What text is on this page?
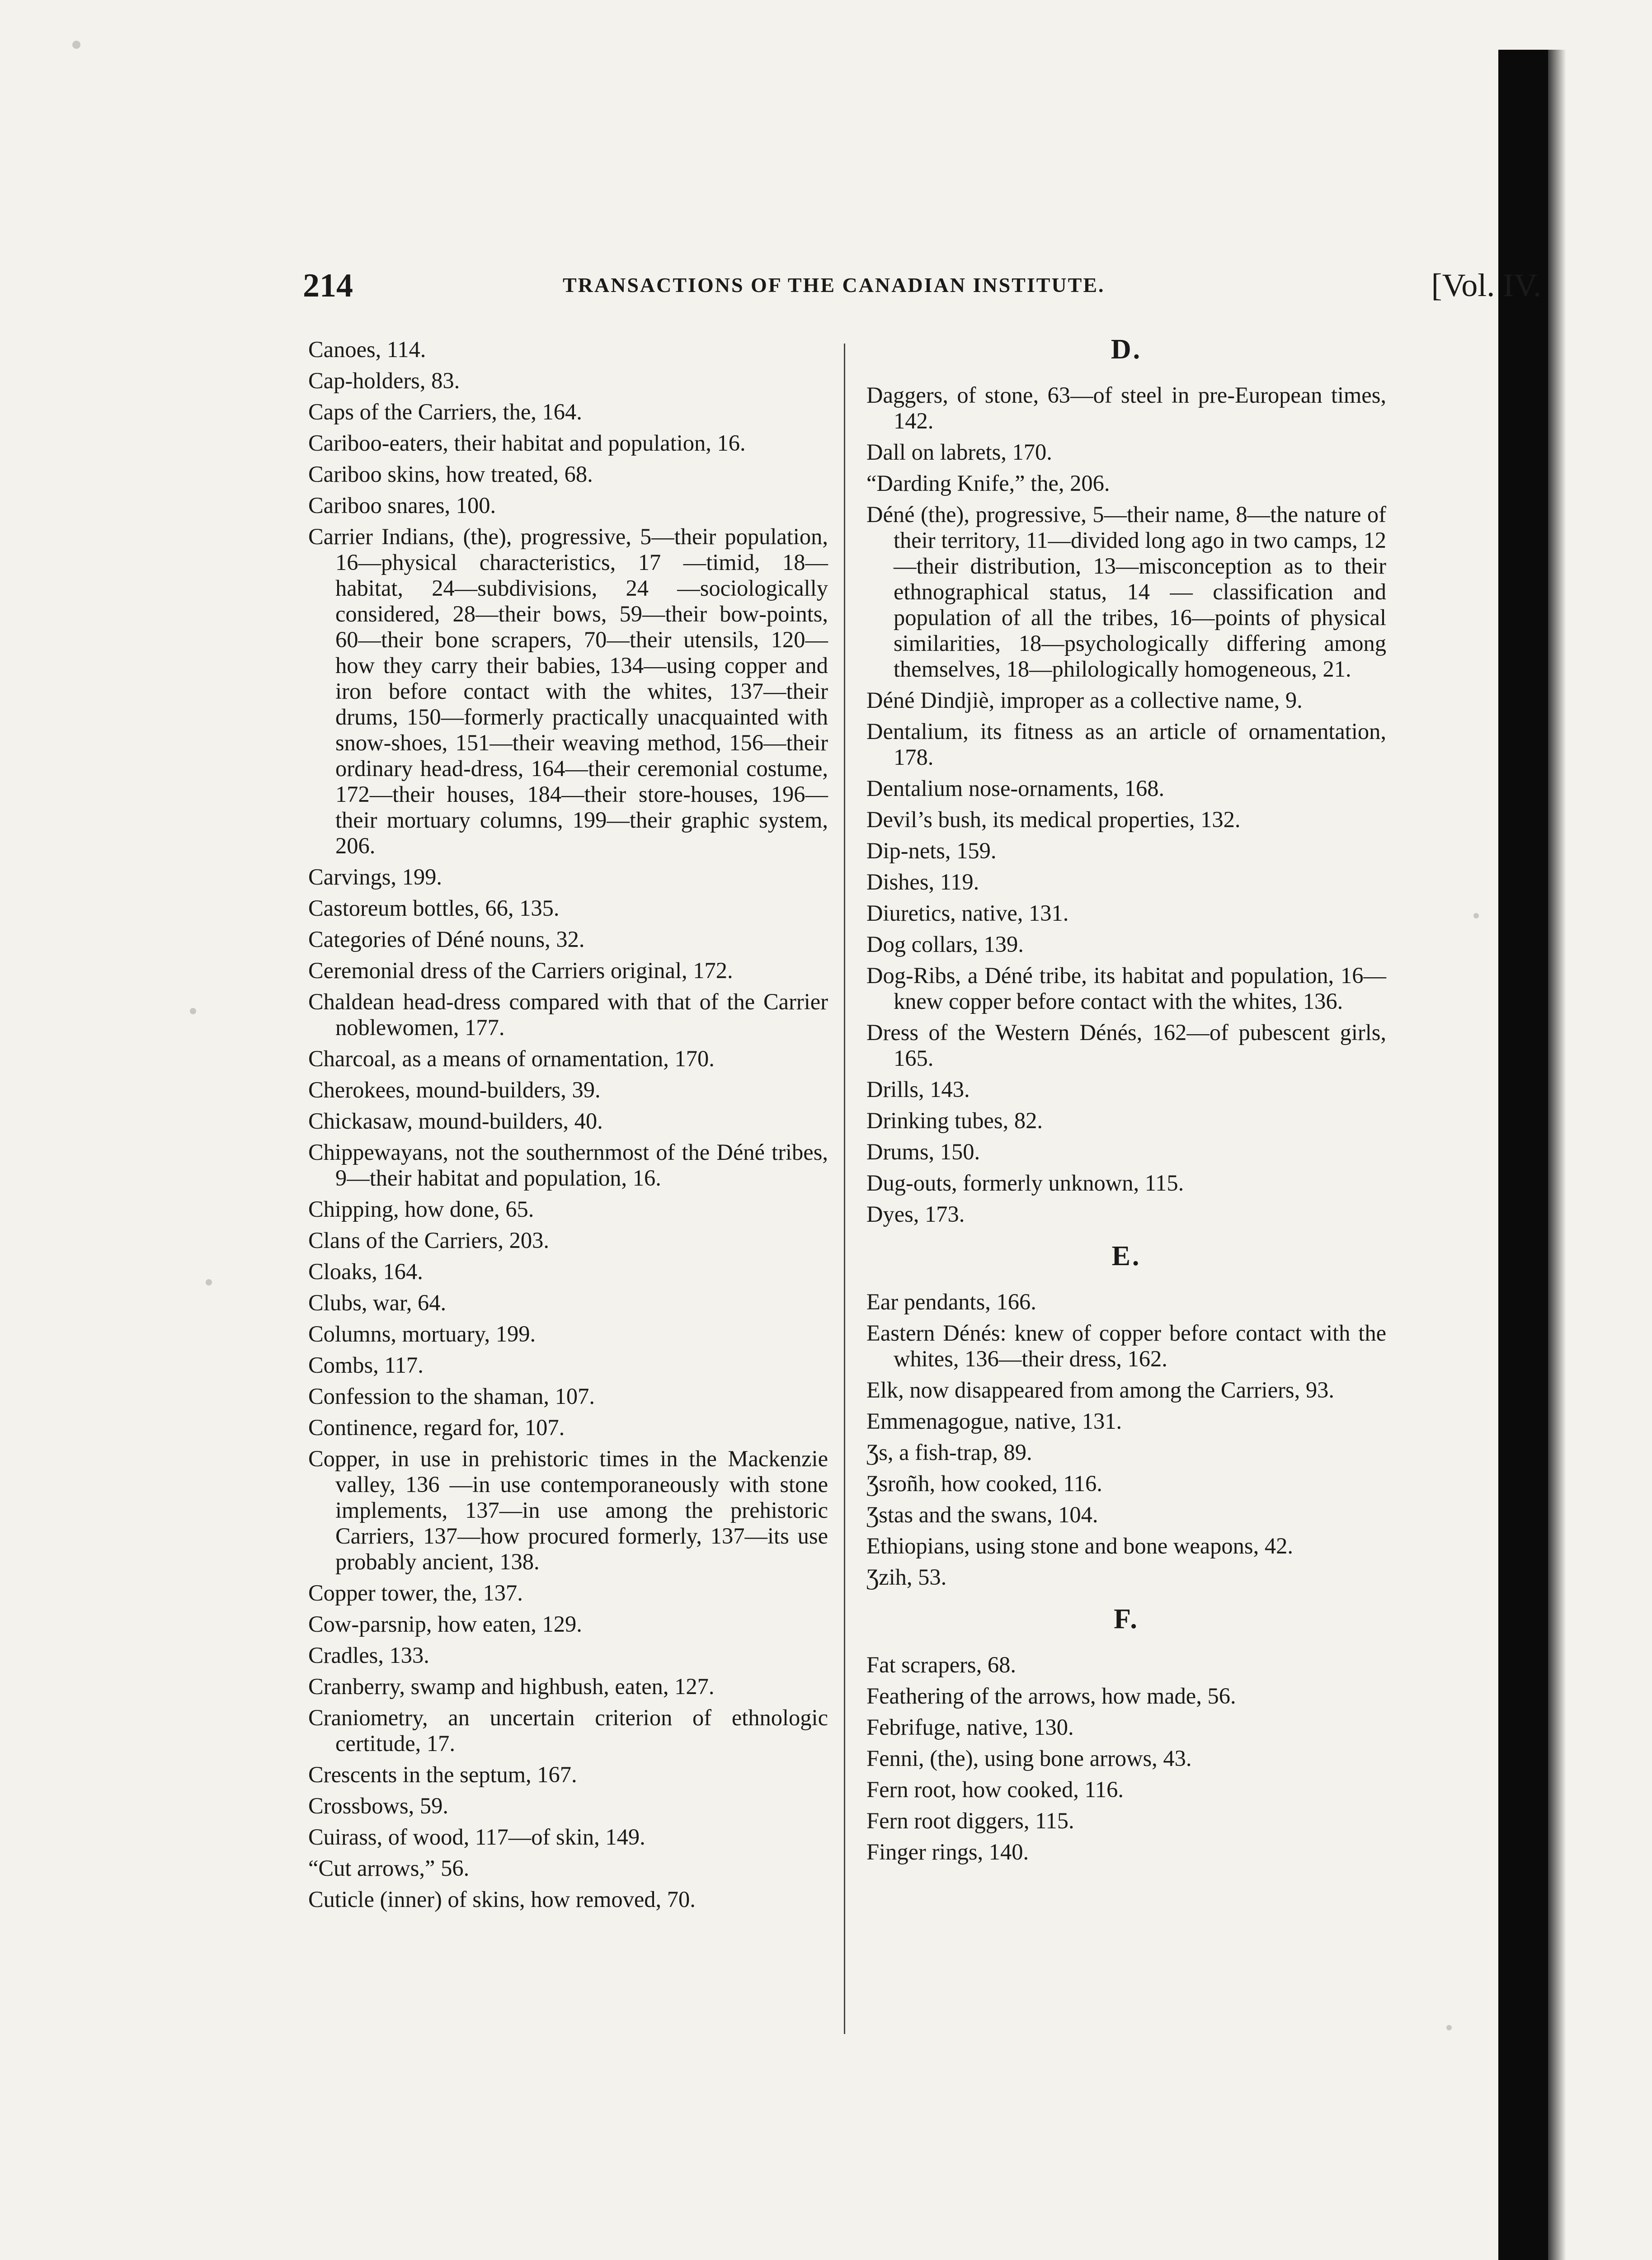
214	TRANSACTIONS OF THE CANADIAN INSTITUTE.	[Vol. IV.
Canoes, 114.
Cap-holders, 83.
Caps of the Carriers, the, 164.
Cariboo-eaters, their habitat and population, 16.
Cariboo skins, how treated, 68.
Cariboo snares, 100.
Carrier Indians, (the), progressive, 5—their population, 16—physical characteristics, 17 —timid, 18—habitat, 24—subdivisions, 24 —sociologically considered, 28—their bows, 59—their bow-points, 60—their bone scrapers, 70—their utensils, 120—how they carry their babies, 134—using copper and iron before contact with the whites, 137—their drums, 150—formerly practically unacquainted with snow-shoes, 151—their weaving method, 156—their ordinary head-dress, 164—their ceremonial costume, 172—their houses, 184—their store-houses, 196—their mortuary columns, 199—their graphic system, 206.
Carvings, 199.
Castoreum bottles, 66, 135.
Categories of Déné nouns, 32.
Ceremonial dress of the Carriers original, 172.
Chaldean head-dress compared with that of the Carrier noblewomen, 177.
Charcoal, as a means of ornamentation, 170.
Cherokees, mound-builders, 39.
Chickasaw, mound-builders, 40.
Chippewayans, not the southernmost of the Déné tribes, 9—their habitat and population, 16.
Chipping, how done, 65.
Clans of the Carriers, 203.
Cloaks, 164.
Clubs, war, 64.
Columns, mortuary, 199.
Combs, 117.
Confession to the shaman, 107.
Continence, regard for, 107.
Copper, in use in prehistoric times in the Mackenzie valley, 136 —in use contemporaneously with stone implements, 137—in use among the prehistoric Carriers, 137—how procured formerly, 137—its use probably ancient, 138.
Copper tower, the, 137.
Cow-parsnip, how eaten, 129.
Cradles, 133.
Cranberry, swamp and highbush, eaten, 127.
Craniometry, an uncertain criterion of ethnologic certitude, 17.
Crescents in the septum, 167.
Crossbows, 59.
Cuirass, of wood, 117—of skin, 149.
“Cut arrows,” 56.
Cuticle (inner) of skins, how removed, 70.
D.
Daggers, of stone, 63—of steel in pre-European times, 142.
Dall on labrets, 170.
“Darding Knife,” the, 206.
Déné (the), progressive, 5—their name, 8—the nature of their territory, 11—divided long ago in two camps, 12—their distribution, 13—misconception as to their ethnographical status, 14 — classification and population of all the tribes, 16—points of physical similarities, 18—psychologically differing among themselves, 18—philologically homogeneous, 21.
Déné Dindjiè, improper as a collective name, 9.
Dentalium, its fitness as an article of ornamentation, 178.
Dentalium nose-ornaments, 168.
Devil’s bush, its medical properties, 132.
Dip-nets, 159.
Dishes, 119.
Diuretics, native, 131.
Dog collars, 139.
Dog-Ribs, a Déné tribe, its habitat and population, 16—knew copper before contact with the whites, 136.
Dress of the Western Dénés, 162—of pubescent girls, 165.
Drills, 143.
Drinking tubes, 82.
Drums, 150.
Dug-outs, formerly unknown, 115.
Dyes, 173.
E.
Ear pendants, 166.
Eastern Dénés: knew of copper before contact with the whites, 136—their dress, 162.
Elk, now disappeared from among the Carriers, 93.
Emmenagogue, native, 131.
Ʒs, a fish-trap, 89.
Ʒsroñh, how cooked, 116.
Ʒstas and the swans, 104.
Ethiopians, using stone and bone weapons, 42.
Ʒzih, 53.
F.
Fat scrapers, 68.
Feathering of the arrows, how made, 56.
Febrifuge, native, 130.
Fenni, (the), using bone arrows, 43.
Fern root, how cooked, 116.
Fern root diggers, 115.
Finger rings, 140.
